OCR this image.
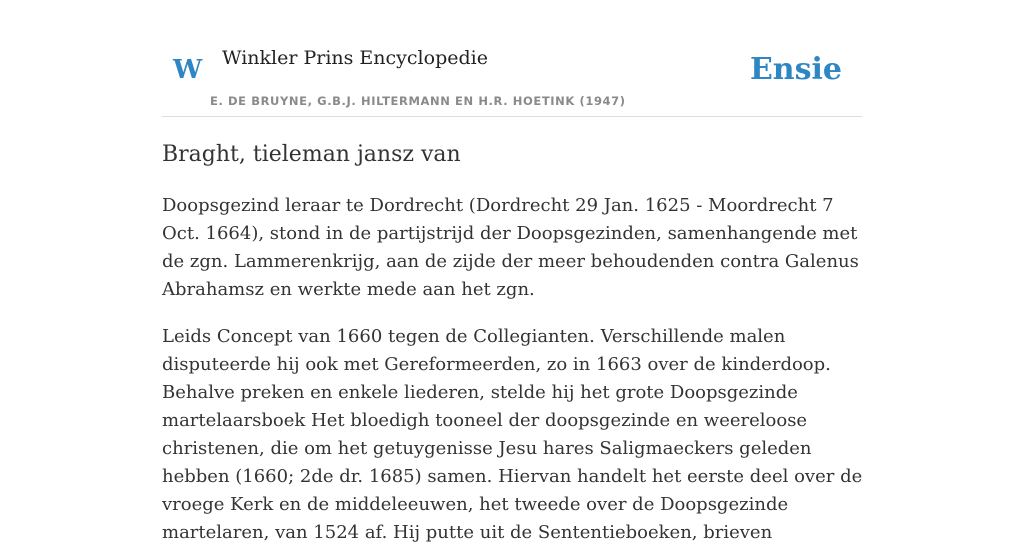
W Winkler Prins Encyclopedie
E. DE BRUYNE, G.B.J. HILTERMANN EN H.R. HOETINK (1947)
Ensie
Braght, tieleman jansz van

Doopsgezind leraar te Dordrecht (Dordrecht 29 Jan. 1625 - Moordrecht 7 Oct. 1664), stond in de partijstrijd der Doopsgezinden, samenhangende met de zgn. Lammerenkrijg, aan de zijde der meer behoudenden contra Galenus Abrahamsz en werkte mede aan het zgn.

Leids Concept van 1660 tegen de Collegianten. Verschillende malen disputeerde hij ook met Gereformeerden, zo in 1663 over de kinderdoop. Behalve preken en enkele liederen, stelde hij het grote Doopsgezinde martelaarsboek Het bloedigh tooneel der doopsgezinde en weereloose christenen, die om het getuygenisse Jesu hares Saligmaeckers geleden hebben (1660; 2de dr. 1685) samen. Hiervan handelt het eerste deel over de vroege Kerk en de middeleeuwen, het tweede over de Doopsgezinde martelaren, van 1524 af. Hij putte uit de Sententieboeken, brieven
